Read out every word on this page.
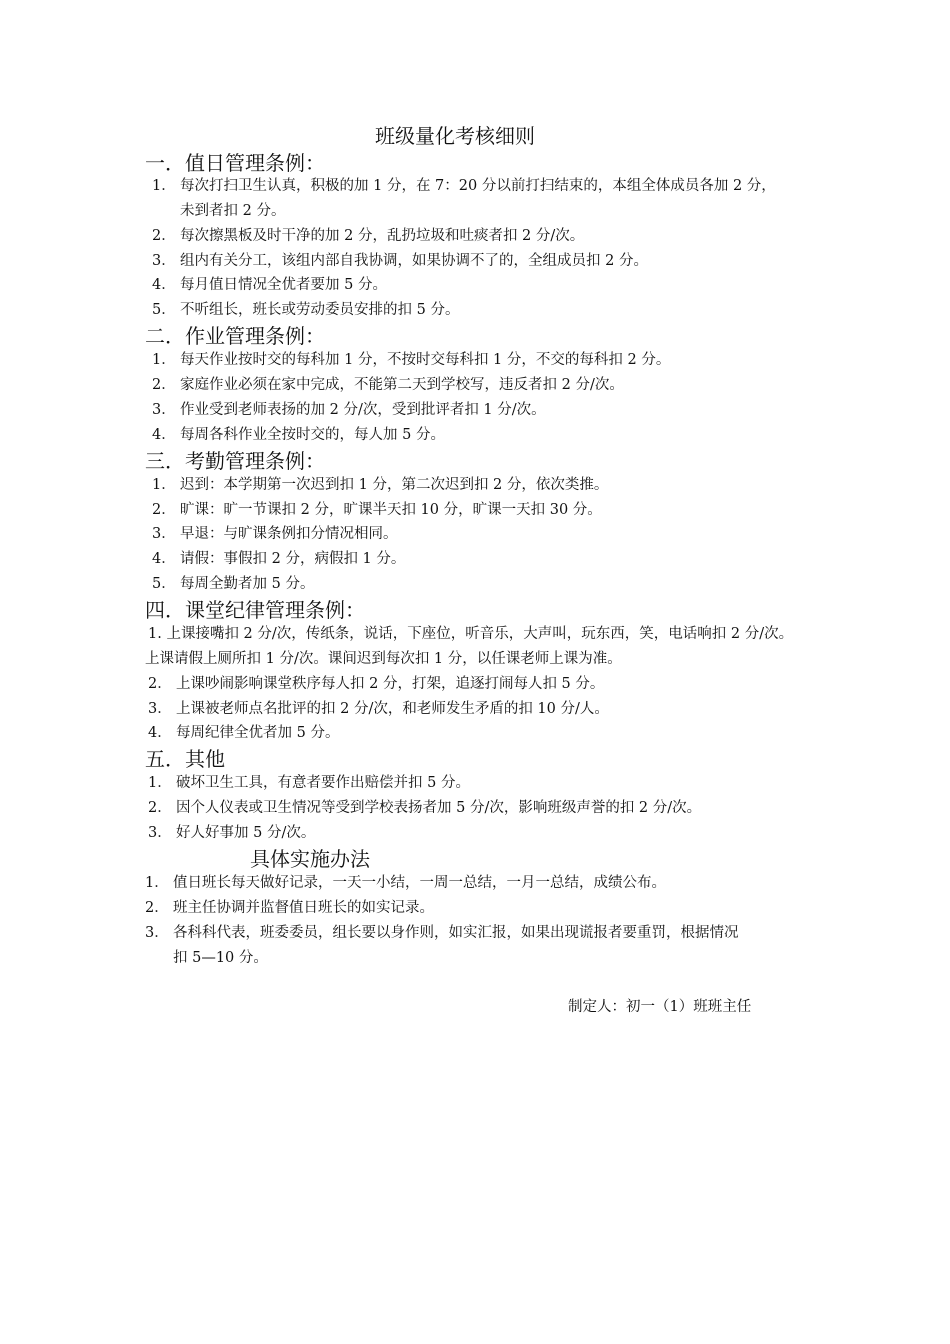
班级量化考核细则
一．值日管理条例：
1． 每次打扫卫生认真，积极的加 1 分，在 7：20 分以前打扫结束的，本组全体成员各加 2 分，
未到者扣 2 分。
2． 每次擦黑板及时干净的加 2 分，乱扔垃圾和吐痰者扣 2 分/次。
3． 组内有关分工，该组内部自我协调，如果协调不了的，全组成员扣 2 分。
4． 每月值日情况全优者要加 5 分。
5． 不听组长，班长或劳动委员安排的扣 5 分。
二．作业管理条例：
1． 每天作业按时交的每科加 1 分，不按时交每科扣 1 分，不交的每科扣 2 分。
2． 家庭作业必须在家中完成，不能第二天到学校写，违反者扣 2 分/次。
3． 作业受到老师表扬的加 2 分/次，受到批评者扣 1 分/次。
4． 每周各科作业全按时交的，每人加 5 分。
三．考勤管理条例：
1． 迟到：本学期第一次迟到扣 1 分，第二次迟到扣 2 分，依次类推。
2． 旷课：旷一节课扣 2 分，旷课半天扣 10 分，旷课一天扣 30 分。
3． 早退：与旷课条例扣分情况相同。
4． 请假：事假扣 2 分，病假扣 1 分。
5． 每周全勤者加 5 分。
四．课堂纪律管理条例：
1. 上课接嘴扣 2 分/次，传纸条，说话，下座位，听音乐，大声叫，玩东西，笑，电话响扣 2 分/次。
上课请假上厕所扣 1 分/次。课间迟到每次扣 1 分，以任课老师上课为准。
2． 上课吵闹影响课堂秩序每人扣 2 分，打架，追逐打闹每人扣 5 分。
3． 上课被老师点名批评的扣 2 分/次，和老师发生矛盾的扣 10 分/人。
4． 每周纪律全优者加 5 分。
五．其他
1． 破坏卫生工具，有意者要作出赔偿并扣 5 分。
2． 因个人仪表或卫生情况等受到学校表扬者加 5 分/次，影响班级声誉的扣 2 分/次。
3． 好人好事加 5 分/次。
具体实施办法
1． 值日班长每天做好记录，一天一小结，一周一总结，一月一总结，成绩公布。
2． 班主任协调并监督值日班长的如实记录。
3． 各科科代表，班委委员，组长要以身作则，如实汇报，如果出现谎报者要重罚，根据情况
扣 5—10 分。
制定人：初一（1）班班主任
